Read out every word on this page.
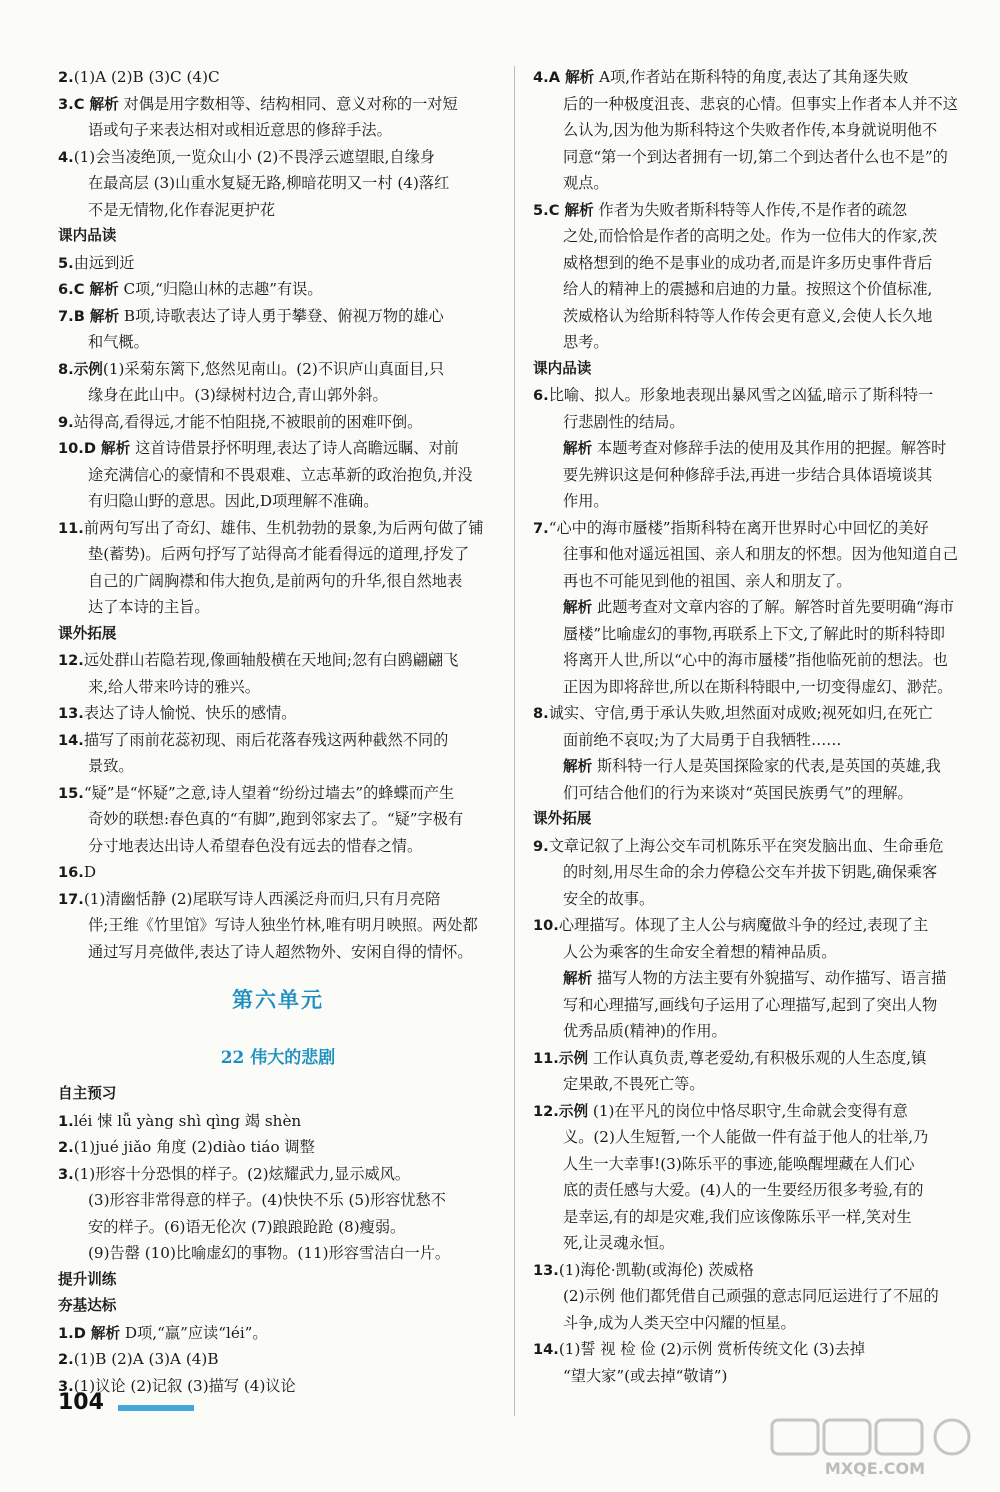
2.(1)A (2)B (3)C (4)C
3.C 解析 对偶是用字数相等、结构相同、意义对称的一对短
语或句子来表达相对或相近意思的修辞手法。
4.(1)会当凌绝顶,一览众山小 (2)不畏浮云遮望眼,自缘身
在最高层 (3)山重水复疑无路,柳暗花明又一村 (4)落红
不是无情物,化作春泥更护花
课内品读
5.由远到近
6.C 解析 C项,“归隐山林的志趣”有误。
7.B 解析 B项,诗歌表达了诗人勇于攀登、俯视万物的雄心
和气概。
8.示例(1)采菊东篱下,悠然见南山。(2)不识庐山真面目,只
缘身在此山中。(3)绿树村边合,青山郭外斜。
9.站得高,看得远,才能不怕阻挠,不被眼前的困难吓倒。
10.D 解析 这首诗借景抒怀明理,表达了诗人高瞻远瞩、对前
途充满信心的豪情和不畏艰难、立志革新的政治抱负,并没
有归隐山野的意思。因此,D项理解不准确。
11.前两句写出了奇幻、雄伟、生机勃勃的景象,为后两句做了铺
垫(蓄势)。后两句抒写了站得高才能看得远的道理,抒发了
自己的广阔胸襟和伟大抱负,是前两句的升华,很自然地表
达了本诗的主旨。
课外拓展
12.远处群山若隐若现,像画轴般横在天地间;忽有白鸥翩翩飞
来,给人带来吟诗的雅兴。
13.表达了诗人愉悦、快乐的感情。
14.描写了雨前花蕊初现、雨后花落春残这两种截然不同的
景致。
15.“疑”是“怀疑”之意,诗人望着“纷纷过墙去”的蜂蝶而产生
奇妙的联想:春色真的“有脚”,跑到邻家去了。“疑”字极有
分寸地表达出诗人希望春色没有远去的惜春之情。
16.D
17.(1)清幽恬静 (2)尾联写诗人西溪泛舟而归,只有月亮陪
伴;王维《竹里馆》写诗人独坐竹林,唯有明月映照。两处都
通过写月亮做伴,表达了诗人超然物外、安闲自得的情怀。
第六单元
22 伟大的悲剧
自主预习
1.léi 悚 lǚ yàng shì qìng 竭 shèn
2.(1)jué jiǎo 角度 (2)diào tiáo 调整
3.(1)形容十分恐惧的样子。(2)炫耀武力,显示威风。
(3)形容非常得意的样子。(4)快快不乐 (5)形容忧愁不
安的样子。(6)语无伦次 (7)踉踉跄跄 (8)瘦弱。
(9)告罄 (10)比喻虚幻的事物。(11)形容雪洁白一片。
提升训练
夯基达标
1.D 解析 D项,“羸”应读“léi”。
2.(1)B (2)A (3)A (4)B
3.(1)议论 (2)记叙 (3)描写 (4)议论
4.A 解析 A项,作者站在斯科特的角度,表达了其角逐失败
后的一种极度沮丧、悲哀的心情。但事实上作者本人并不这
么认为,因为他为斯科特这个失败者作传,本身就说明他不
同意“第一个到达者拥有一切,第二个到达者什么也不是”的
观点。
5.C 解析 作者为失败者斯科特等人作传,不是作者的疏忽
之处,而恰恰是作者的高明之处。作为一位伟大的作家,茨
威格想到的绝不是事业的成功者,而是许多历史事件背后
给人的精神上的震撼和启迪的力量。按照这个价值标准,
茨威格认为给斯科特等人作传会更有意义,会使人长久地
思考。
课内品读
6.比喻、拟人。形象地表现出暴风雪之凶猛,暗示了斯科特一
行悲剧性的结局。
解析 本题考查对修辞手法的使用及其作用的把握。解答时
要先辨识这是何种修辞手法,再进一步结合具体语境谈其
作用。
7.“心中的海市蜃楼”指斯科特在离开世界时心中回忆的美好
往事和他对遥远祖国、亲人和朋友的怀想。因为他知道自己
再也不可能见到他的祖国、亲人和朋友了。
解析 此题考查对文章内容的了解。解答时首先要明确“海市
蜃楼”比喻虚幻的事物,再联系上下文,了解此时的斯科特即
将离开人世,所以“心中的海市蜃楼”指他临死前的想法。也
正因为即将辞世,所以在斯科特眼中,一切变得虚幻、渺茫。
8.诚实、守信,勇于承认失败,坦然面对成败;视死如归,在死亡
面前绝不哀叹;为了大局勇于自我牺牲……
解析 斯科特一行人是英国探险家的代表,是英国的英雄,我
们可结合他们的行为来谈对“英国民族勇气”的理解。
课外拓展
9.文章记叙了上海公交车司机陈乐平在突发脑出血、生命垂危
的时刻,用尽生命的余力停稳公交车并拔下钥匙,确保乘客
安全的故事。
10.心理描写。体现了主人公与病魔做斗争的经过,表现了主
人公为乘客的生命安全着想的精神品质。
解析 描写人物的方法主要有外貌描写、动作描写、语言描
写和心理描写,画线句子运用了心理描写,起到了突出人物
优秀品质(精神)的作用。
11.示例 工作认真负责,尊老爱幼,有积极乐观的人生态度,镇
定果敢,不畏死亡等。
12.示例 (1)在平凡的岗位中恪尽职守,生命就会变得有意
义。(2)人生短暂,一个人能做一件有益于他人的壮举,乃
人生一大幸事!(3)陈乐平的事迹,能唤醒埋藏在人们心
底的责任感与大爱。(4)人的一生要经历很多考验,有的
是幸运,有的却是灾难,我们应该像陈乐平一样,笑对生
死,让灵魂永恒。
13.(1)海伦·凯勒(或海伦) 茨威格
(2)示例 他们都凭借自己顽强的意志同厄运进行了不屈的
斗争,成为人类天空中闪耀的恒星。
14.(1)誓 视 检 俭 (2)示例 赏析传统文化 (3)去掉
“望大家”(或去掉“敬请”)
104
MXQE.COM
